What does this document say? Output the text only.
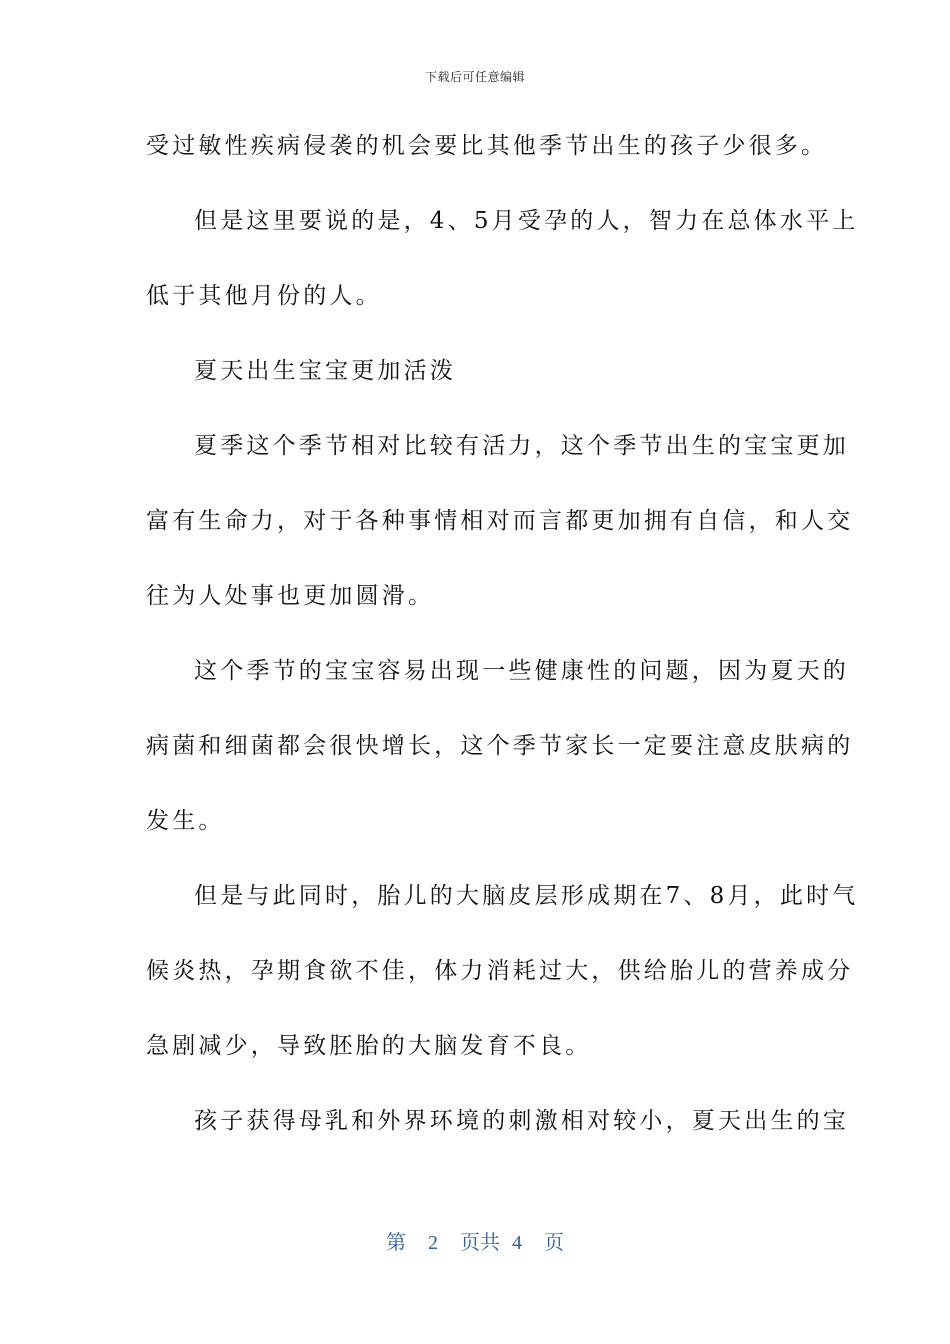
下载后可任意编辑
受过敏性疾病侵袭的机会要比其他季节出生的孩子少很多。
但是这里要说的是，4、5月受孕的人，智力在总体水平上
低于其他月份的人。
夏天出生宝宝更加活泼
夏季这个季节相对比较有活力，这个季节出生的宝宝更加
富有生命力，对于各种事情相对而言都更加拥有自信，和人交
往为人处事也更加圆滑。
这个季节的宝宝容易出现一些健康性的问题，因为夏天的
病菌和细菌都会很快增长，这个季节家长一定要注意皮肤病的
发生。
但是与此同时，胎儿的大脑皮层形成期在7、8月，此时气
候炎热，孕期食欲不佳，体力消耗过大，供给胎儿的营养成分
急剧减少，导致胚胎的大脑发育不良。
孩子获得母乳和外界环境的刺激相对较小，夏天出生的宝
第 2 页共 4 页
